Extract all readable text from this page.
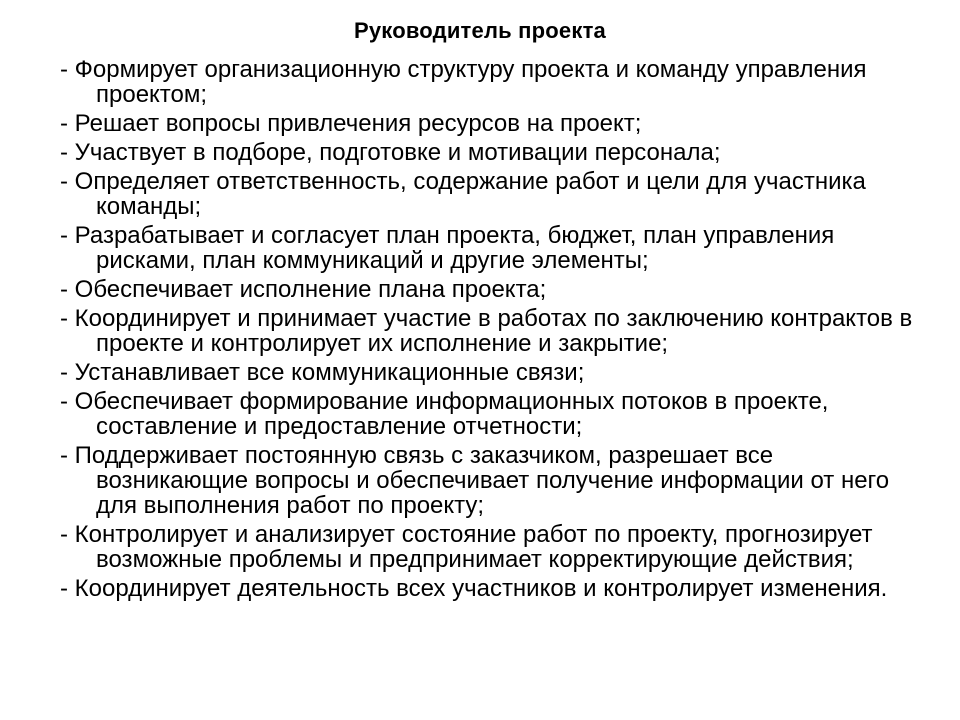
Руководитель проекта
- Формирует организационную структуру проекта и команду управления проектом;
- Решает вопросы привлечения ресурсов на проект;
- Участвует в подборе, подготовке и мотивации персонала;
- Определяет ответственность, содержание работ и цели для участника команды;
- Разрабатывает и согласует план проекта, бюджет, план управления рисками, план коммуникаций и другие элементы;
- Обеспечивает исполнение плана проекта;
- Координирует и принимает участие в работах по заключению контрактов в проекте и контролирует их исполнение и закрытие;
- Устанавливает все коммуникационные связи;
- Обеспечивает формирование информационных потоков в проекте, составление и предоставление отчетности;
- Поддерживает постоянную связь с заказчиком, разрешает все возникающие вопросы и обеспечивает получение информации от него для выполнения работ по проекту;
- Контролирует и анализирует состояние работ по проекту, прогнозирует возможные проблемы и предпринимает корректирующие действия;
- Координирует деятельность всех участников и контролирует изменения.
